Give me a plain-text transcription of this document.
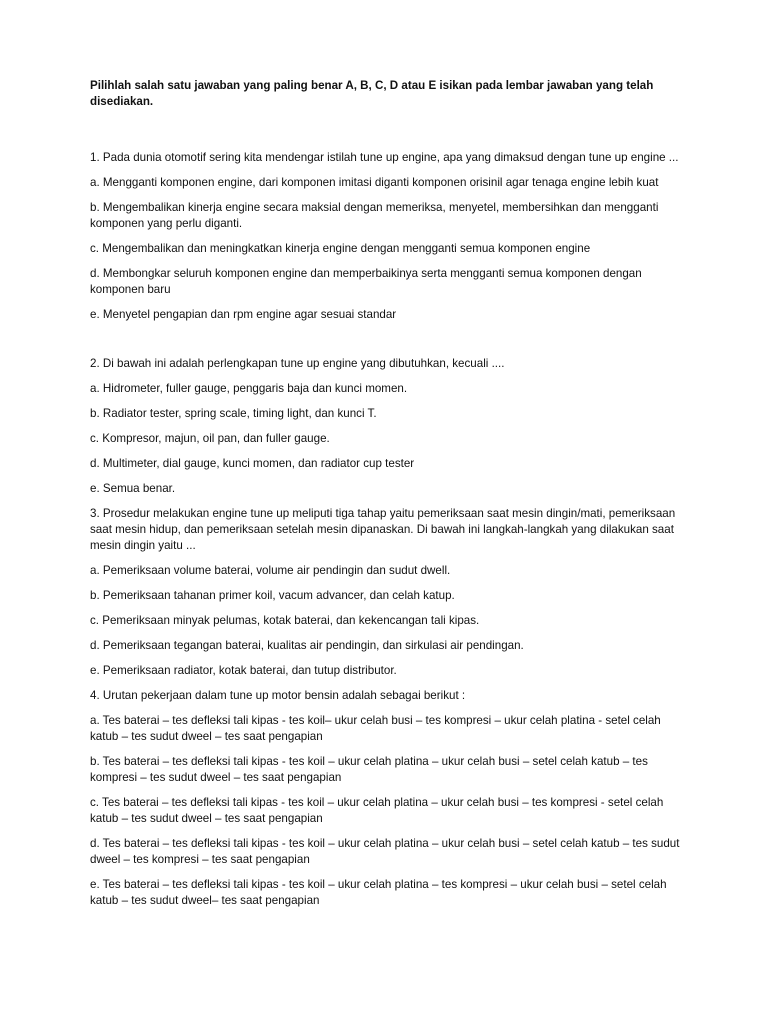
Pilihlah salah satu jawaban yang paling benar A, B, C, D atau E isikan pada lembar jawaban yang telah disediakan.

1. Pada dunia otomotif sering kita mendengar istilah tune up engine, apa yang dimaksud dengan tune up engine ...

a. Mengganti komponen engine, dari komponen imitasi diganti komponen orisinil agar tenaga engine lebih kuat

b. Mengembalikan kinerja engine secara maksial dengan memeriksa, menyetel, membersihkan dan mengganti komponen yang perlu diganti.

c. Mengembalikan dan meningkatkan kinerja engine dengan mengganti semua komponen engine

d. Membongkar seluruh komponen engine dan memperbaikinya serta mengganti semua komponen dengan komponen baru

e. Menyetel pengapian dan rpm engine agar sesuai standar

2. Di bawah ini adalah perlengkapan tune up engine yang dibutuhkan, kecuali ....

a. Hidrometer, fuller gauge, penggaris baja dan kunci momen.

b. Radiator tester, spring scale, timing light, dan kunci T.

c. Kompresor, majun, oil pan, dan fuller gauge.

d. Multimeter, dial gauge, kunci momen, dan radiator cup tester

e. Semua benar.

3. Prosedur melakukan engine tune up meliputi tiga tahap yaitu pemeriksaan saat mesin dingin/mati, pemeriksaan saat mesin hidup, dan pemeriksaan setelah mesin dipanaskan. Di bawah ini langkah-langkah yang dilakukan saat mesin dingin yaitu ...

a. Pemeriksaan volume baterai, volume air pendingin dan sudut dwell.

b. Pemeriksaan tahanan primer koil, vacum advancer, dan celah katup.

c. Pemeriksaan minyak pelumas, kotak baterai, dan kekencangan tali kipas.

d. Pemeriksaan tegangan baterai, kualitas air pendingin, dan sirkulasi air pendingan.

e. Pemeriksaan radiator, kotak baterai, dan tutup distributor.

4. Urutan pekerjaan dalam tune up motor bensin adalah sebagai berikut :

a. Tes baterai – tes defleksi tali kipas - tes koil– ukur celah busi – tes kompresi – ukur celah platina - setel celah katub – tes sudut dweel – tes saat pengapian

b. Tes baterai – tes defleksi tali kipas - tes koil – ukur celah platina – ukur celah busi – setel celah katub – tes kompresi – tes sudut dweel – tes saat pengapian

c. Tes baterai – tes defleksi tali kipas - tes koil – ukur celah platina – ukur celah busi – tes kompresi - setel celah katub – tes sudut dweel – tes saat pengapian

d. Tes baterai – tes defleksi tali kipas - tes koil – ukur celah platina – ukur celah busi – setel celah katub – tes sudut dweel – tes kompresi – tes saat pengapian

e. Tes baterai – tes defleksi tali kipas - tes koil – ukur celah platina – tes kompresi – ukur celah busi – setel celah katub – tes sudut dweel– tes saat pengapian
